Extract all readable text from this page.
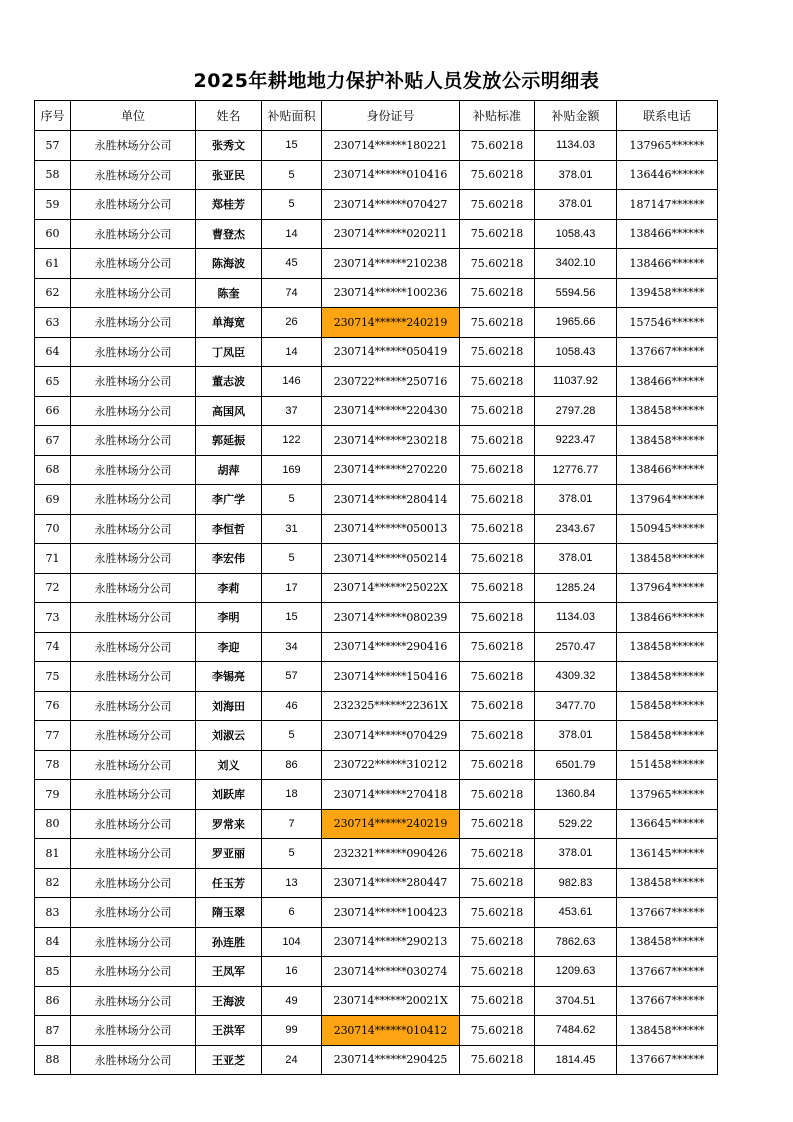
2025年耕地地力保护补贴人员发放公示明细表
序号	单位	姓名	补贴面积	身份证号	补贴标准	补贴金额	联系电话
57	永胜林场分公司	张秀文	15	230714******180221	75.60218	1134.03	137965******
58	永胜林场分公司	张亚民	5	230714******010416	75.60218	378.01	136446******
59	永胜林场分公司	郑桂芳	5	230714******070427	75.60218	378.01	187147******
60	永胜林场分公司	曹登杰	14	230714******020211	75.60218	1058.43	138466******
61	永胜林场分公司	陈海波	45	230714******210238	75.60218	3402.10	138466******
62	永胜林场分公司	陈奎	74	230714******100236	75.60218	5594.56	139458******
63	永胜林场分公司	单海宽	26	230714******240219	75.60218	1965.66	157546******
64	永胜林场分公司	丁凤臣	14	230714******050419	75.60218	1058.43	137667******
65	永胜林场分公司	董志波	146	230722******250716	75.60218	11037.92	138466******
66	永胜林场分公司	高国风	37	230714******220430	75.60218	2797.28	138458******
67	永胜林场分公司	郭延振	122	230714******230218	75.60218	9223.47	138458******
68	永胜林场分公司	胡萍	169	230714******270220	75.60218	12776.77	138466******
69	永胜林场分公司	李广学	5	230714******280414	75.60218	378.01	137964******
70	永胜林场分公司	李恒哲	31	230714******050013	75.60218	2343.67	150945******
71	永胜林场分公司	李宏伟	5	230714******050214	75.60218	378.01	138458******
72	永胜林场分公司	李莉	17	230714******25022X	75.60218	1285.24	137964******
73	永胜林场分公司	李明	15	230714******080239	75.60218	1134.03	138466******
74	永胜林场分公司	李迎	34	230714******290416	75.60218	2570.47	138458******
75	永胜林场分公司	李锡亮	57	230714******150416	75.60218	4309.32	138458******
76	永胜林场分公司	刘海田	46	232325******22361X	75.60218	3477.70	158458******
77	永胜林场分公司	刘淑云	5	230714******070429	75.60218	378.01	158458******
78	永胜林场分公司	刘义	86	230722******310212	75.60218	6501.79	151458******
79	永胜林场分公司	刘跃库	18	230714******270418	75.60218	1360.84	137965******
80	永胜林场分公司	罗常来	7	230714******240219	75.60218	529.22	136645******
81	永胜林场分公司	罗亚丽	5	232321******090426	75.60218	378.01	136145******
82	永胜林场分公司	任玉芳	13	230714******280447	75.60218	982.83	138458******
83	永胜林场分公司	隋玉翠	6	230714******100423	75.60218	453.61	137667******
84	永胜林场分公司	孙连胜	104	230714******290213	75.60218	7862.63	138458******
85	永胜林场分公司	王凤军	16	230714******030274	75.60218	1209.63	137667******
86	永胜林场分公司	王海波	49	230714******20021X	75.60218	3704.51	137667******
87	永胜林场分公司	王洪军	99	230714******010412	75.60218	7484.62	138458******
88	永胜林场分公司	王亚芝	24	230714******290425	75.60218	1814.45	137667******
